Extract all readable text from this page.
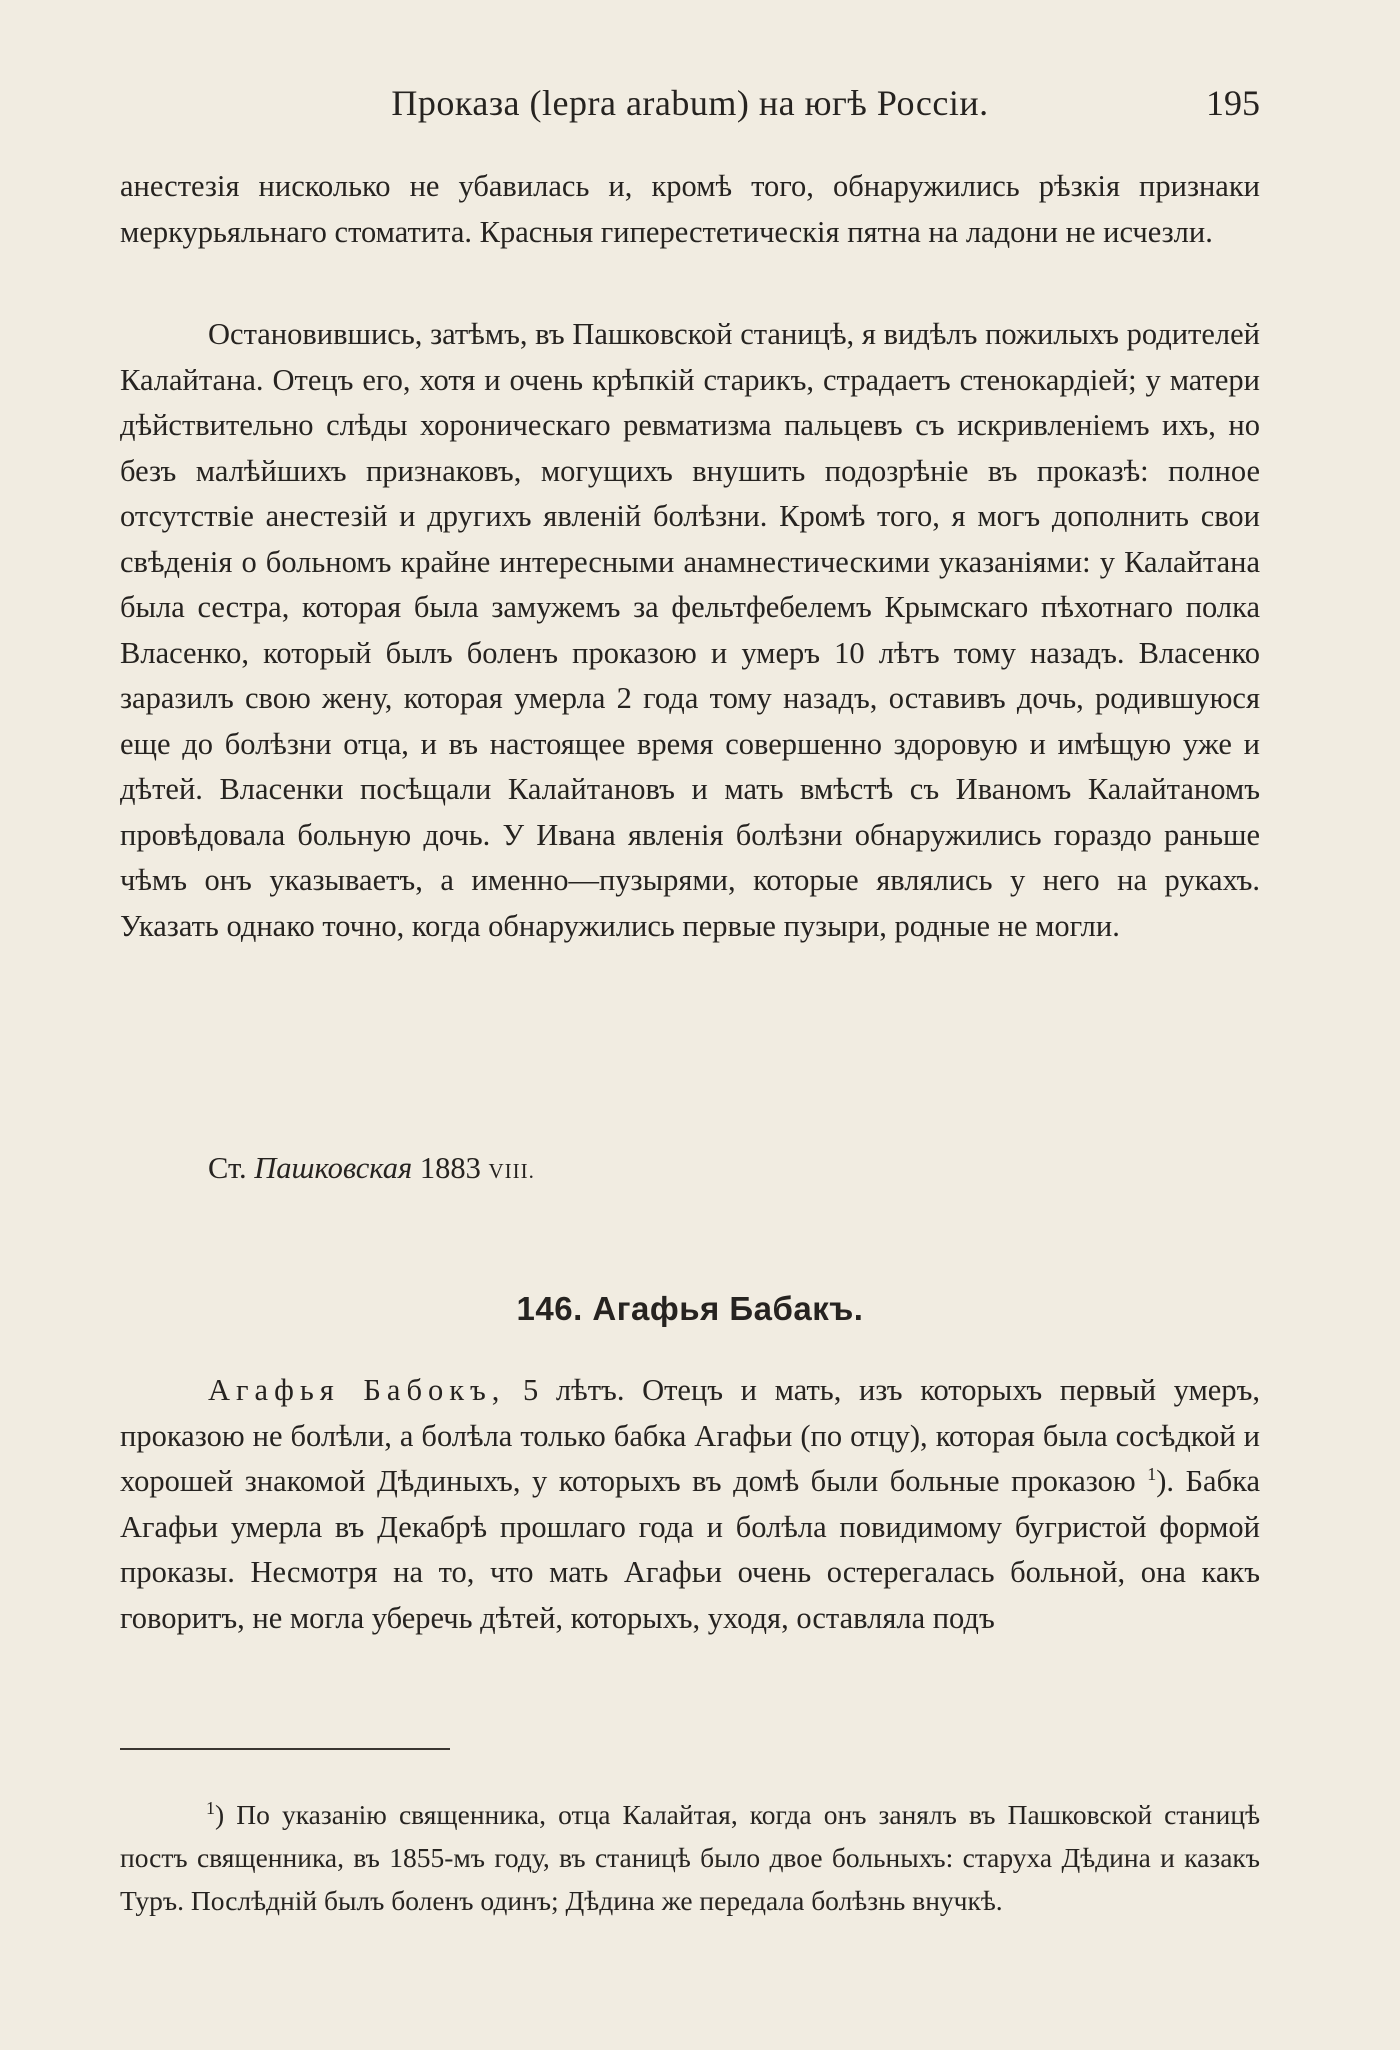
Проказа (lepra arabum) на югѣ Россіи.	195

анестезія нисколько не убавилась и, кромѣ того, обнаружились рѣзкія признаки меркурьяльнаго стоматита. Красныя гиперестетическія пятна на ладони не исчезли.

Остановившись, затѣмъ, въ Пашковской станицѣ, я видѣлъ пожилыхъ родителей Калайтана. Отецъ его, хотя и очень крѣпкій старикъ, страдаетъ стенокардіей; у матери дѣйствительно слѣды хороническаго ревматизма пальцевъ съ искривленіемъ ихъ, но безъ малѣйшихъ признаковъ, могущихъ внушить подозрѣніе въ проказѣ: полное отсутствіе анестезій и другихъ явленій болѣзни. Кромѣ того, я могъ дополнить свои свѣденія о больномъ крайне интересными анамнестическими указаніями: у Калайтана была сестра, которая была замужемъ за фельтфебелемъ Крымскаго пѣхотнаго полка Власенко, который былъ боленъ проказою и умеръ 10 лѣтъ тому назадъ. Власенко заразилъ свою жену, которая умерла 2 года тому назадъ, оставивъ дочь, родившуюся еще до болѣзни отца, и въ настоящее время совершенно здоровую и имѣщую уже и дѣтей. Власенки посѣщали Калайтановъ и мать вмѣстѣ съ Иваномъ Калайтаномъ провѣдовала больную дочь. У Ивана явленія болѣзни обнаружились гораздо раньше чѣмъ онъ указываетъ, а именно—пузырями, которые являлись у него на рукахъ. Указать однако точно, когда обнаружились первые пузыри, родные не могли.

Ст. Пашковская 1883 VIII.

146. Агафья Бабакъ.

Агафья Бабокъ, 5 лѣтъ. Отецъ и мать, изъ которыхъ первый умеръ, проказою не болѣли, а болѣла только бабка Агафьи (по отцу), которая была сосѣдкой и хорошей знакомой Дѣдиныхъ, у которыхъ въ домѣ были больные проказою $^1$). Бабка Агафьи умерла въ Декабрѣ прошлаго года и болѣла повидимому бугристой формой проказы. Несмотря на то, что мать Агафьи очень остерегалась больной, она какъ говоритъ, не могла уберечь дѣтей, которыхъ, уходя, оставляла подъ

$^1$) По указанію священника, отца Калайтая, когда онъ занялъ въ Пашковской станицѣ постъ священника, въ 1855-мъ году, въ станицѣ было двое больныхъ: старуха Дѣдина и казакъ Туръ. Послѣдній былъ боленъ одинъ; Дѣдина же передала болѣзнь внучкѣ.
